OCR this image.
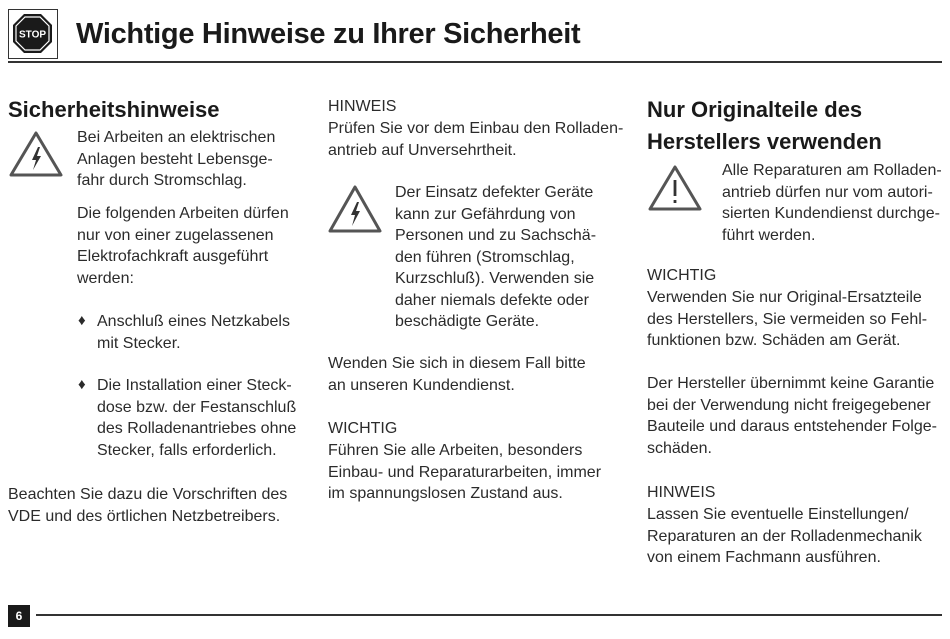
STOP Wichtige Hinweise zu Ihrer Sicherheit
Sicherheitshinweise
Bei Arbeiten an elektrischen
Anlagen besteht Lebensge-
fahr durch Stromschlag.
Die folgenden Arbeiten dürfen
nur von einer zugelassenen
Elektrofachkraft ausgeführt
werden:
♦ Anschluß eines Netzkabels
mit Stecker.
♦ Die Installation einer Steck-
dose bzw. der Festanschluß
des Rolladenantriebes ohne
Stecker, falls erforderlich.
Beachten Sie dazu die Vorschriften des
VDE und des örtlichen Netzbetreibers.
HINWEIS
Prüfen Sie vor dem Einbau den Rolladen-
antrieb auf Unversehrtheit.
Der Einsatz defekter Geräte
kann zur Gefährdung von
Personen und zu Sachschä-
den führen (Stromschlag,
Kurzschluß). Verwenden sie
daher niemals defekte oder
beschädigte Geräte.
Wenden Sie sich in diesem Fall bitte
an unseren Kundendienst.
WICHTIG
Führen Sie alle Arbeiten, besonders
Einbau- und Reparaturarbeiten, immer
im spannungslosen Zustand aus.
Nur Originalteile des
Herstellers verwenden
Alle Reparaturen am Rolladen-
antrieb dürfen nur vom autori-
sierten Kundendienst durchge-
führt werden.
WICHTIG
Verwenden Sie nur Original-Ersatzteile
des Herstellers, Sie vermeiden so Fehl-
funktionen bzw. Schäden am Gerät.
Der Hersteller übernimmt keine Garantie
bei der Verwendung nicht freigegebener
Bauteile und daraus entstehender Folge-
schäden.
HINWEIS
Lassen Sie eventuelle Einstellungen/
Reparaturen an der Rolladenmechanik
von einem Fachmann ausführen.
6
